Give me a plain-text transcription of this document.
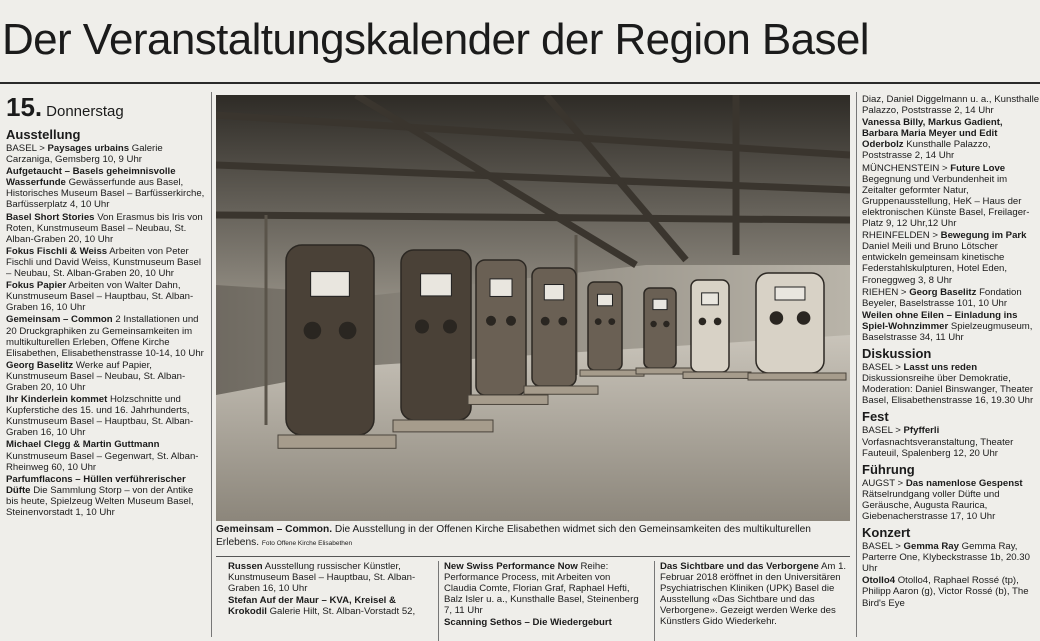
Der Veranstaltungskalender der Region Basel
15. Donnerstag
Ausstellung

BASEL > Paysages urbains Galerie Carzaniga, Gemsberg 10, 9 Uhr

Aufgetaucht – Basels geheimnisvolle Wasserfunde Gewässerfunde aus Basel, Historisches Museum Basel – Barfüsserkirche, Barfüsserplatz 4, 10 Uhr

Basel Short Stories Von Erasmus bis Iris von Roten, Kunstmuseum Basel – Neubau, St. Alban-Graben 20, 10 Uhr

Fokus Fischli & Weiss Arbeiten von Peter Fischli und David Weiss, Kunstmuseum Basel – Neubau, St. Alban-Graben 20, 10 Uhr

Fokus Papier Arbeiten von Walter Dahn, Kunstmuseum Basel – Hauptbau, St. Alban-Graben 16, 10 Uhr

Gemeinsam – Common 2 Installationen und 20 Druckgraphiken zu Gemeinsamkeiten im multikulturellen Erleben, Offene Kirche Elisabethen, Elisabethenstrasse 10-14, 10 Uhr

Georg Baselitz Werke auf Papier, Kunstmuseum Basel – Neubau, St. Alban-Graben 20, 10 Uhr

Ihr Kinderlein kommet Holzschnitte und Kupferstiche des 15. und 16. Jahrhunderts, Kunstmuseum Basel – Hauptbau, St. Alban-Graben 16, 10 Uhr

Michael Clegg & Martin Guttmann Kunstmuseum Basel – Gegenwart, St. Alban-Rheinweg 60, 10 Uhr

Parfumflacons – Hüllen verführerischer Düfte Die Sammlung Storp – von der Antike bis heute, Spielzeug Welten Museum Basel, Steinenvorstadt 1, 10 Uhr

Gemeinsam – Common. Die Ausstellung in der Offenen Kirche Elisabethen widmet sich den Gemeinsamkeiten des multikulturellen Erlebens. Foto Offene Kirche Elisabethen

Russen Ausstellung russischer Künstler, Kunstmuseum Basel – Hauptbau, St. Alban-Graben 16, 10 Uhr

Stefan Auf der Maur – KVA, Kreisel & Krokodil Galerie Hilt, St. Alban-Vorstadt 52,

New Swiss Performance Now Reihe: Performance Process, mit Arbeiten von Claudia Comte, Florian Graf, Raphael Hefti, Balz Isler u. a., Kunsthalle Basel, Steinenberg 7, 11 Uhr

Scanning Sethos – Die Wiedergeburt

Das Sichtbare und das Verborgene Am 1. Februar 2018 eröffnet in den Universitären Psychiatrischen Kliniken (UPK) Basel die Ausstellung «Das Sichtbare und das Verborgene». Gezeigt werden Werke des Künstlers Gido Wiederkehr.

Diaz, Daniel Diggelmann u. a., Kunsthalle
Palazzo, Poststrasse 2, 14 Uhr

Vanessa Billy, Markus Gadient, Barbara Maria Meyer und Edit Oderbolz Kunsthalle Palazzo, Poststrasse 2, 14 Uhr

MÜNCHENSTEIN > Future Love Begegnung und Verbundenheit im Zeitalter geformter Natur, Gruppenausstellung, HeK – Haus der elektronischen Künste Basel, Freilager-Platz 9, 12 Uhr,12 Uhr

RHEINFELDEN > Bewegung im Park Daniel Meili und Bruno Lötscher entwickeln gemeinsam kinetische Federstahlskulpturen, Hotel Eden, Froneggweg 3, 8 Uhr

RIEHEN > Georg Baselitz Fondation Beyeler, Baselstrasse 101, 10 Uhr

Weilen ohne Eilen – Einladung ins Spiel-Wohnzimmer Spielzeugmuseum, Baselstrasse 34, 11 Uhr

Diskussion

BASEL > Lasst uns reden Diskussionsreihe über Demokratie, Moderation: Daniel Binswanger, Theater Basel, Elisabethenstrasse 16, 19.30 Uhr

Fest

BASEL > Pfyfferli Vorfasnachtsveranstaltung, Theater Fauteuil, Spalenberg 12, 20 Uhr

Führung

AUGST > Das namenlose Gespenst Rätselrundgang voller Düfte und Geräusche, Augusta Raurica, Giebenacherstrasse 17, 10 Uhr

Konzert

BASEL > Gemma Ray Gemma Ray, Parterre One, Klybeckstrasse 1b, 20.30 Uhr

Otollo4 Otollo4, Raphael Rossé (tp), Philipp Aaron (g), Victor Rossé (b), The Bird's Eye
